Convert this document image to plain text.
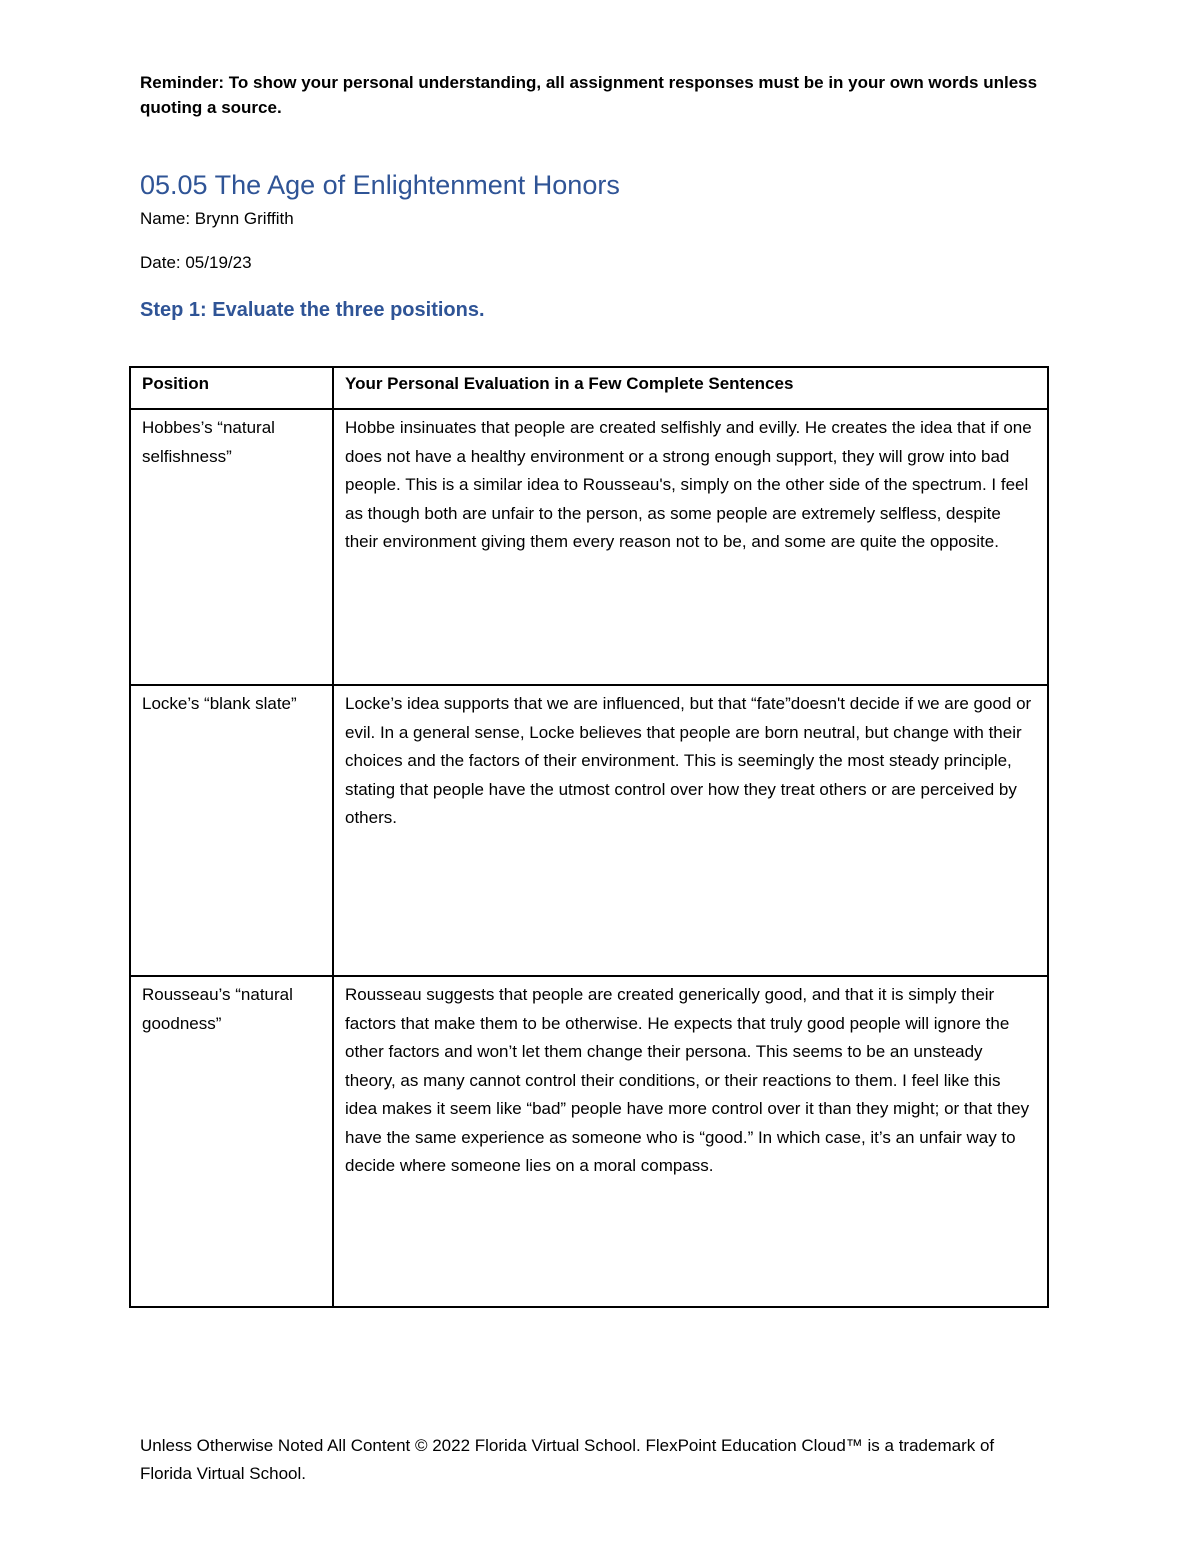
Reminder: To show your personal understanding, all assignment responses must be in your own words unless quoting a source.
05.05 The Age of Enlightenment Honors
Name: Brynn Griffith
Date: 05/19/23
Step 1: Evaluate the three positions.
Position	Your Personal Evaluation in a Few Complete Sentences
Hobbes’s “natural selfishness”	Hobbe insinuates that people are created selfishly and evilly. He creates the idea that if one does not have a healthy environment or a strong enough support, they will grow into bad people. This is a similar idea to Rousseau's, simply on the other side of the spectrum. I feel as though both are unfair to the person, as some people are extremely selfless, despite their environment giving them every reason not to be, and some are quite the opposite.
Locke’s “blank slate”	Locke’s idea supports that we are influenced, but that “fate”doesn't decide if we are good or evil. In a general sense, Locke believes that people are born neutral, but change with their choices and the factors of their environment. This is seemingly the most steady principle, stating that people have the utmost control over how they treat others or are perceived by others.
Rousseau’s “natural goodness”	Rousseau suggests that people are created generically good, and that it is simply their factors that make them to be otherwise. He expects that truly good people will ignore the other factors and won’t let them change their persona. This seems to be an unsteady theory, as many cannot control their conditions, or their reactions to them. I feel like this idea makes it seem like “bad” people have more control over it than they might; or that they have the same experience as someone who is “good.” In which case, it’s an unfair way to decide where someone lies on a moral compass.
Unless Otherwise Noted All Content © 2022 Florida Virtual School. FlexPoint Education Cloud™ is a trademark of Florida Virtual School.
